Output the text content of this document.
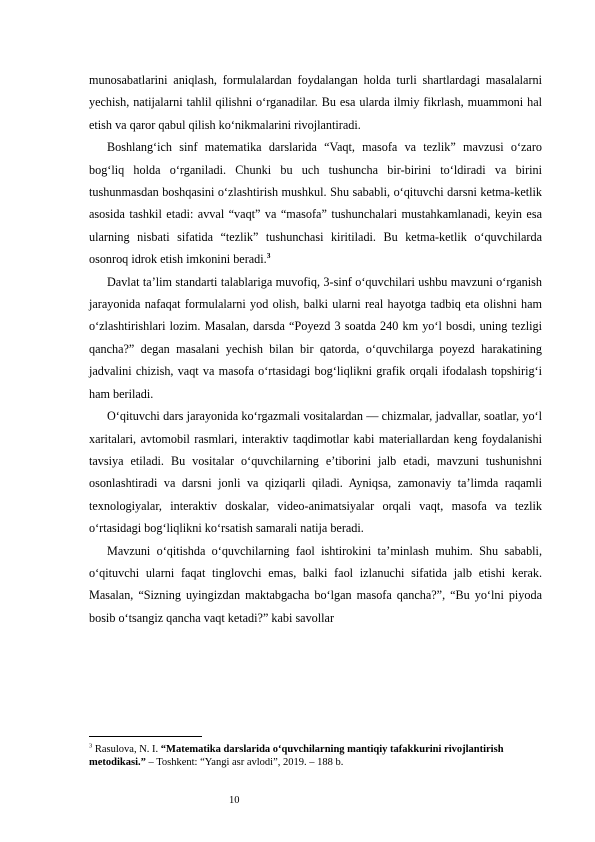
munosabatlarini aniqlash, formulalardan foydalangan holda turli shartlardagi masalalarni yechish, natijalarni tahlil qilishni o‘rganadilar. Bu esa ularda ilmiy fikrlash, muammoni hal etish va qaror qabul qilish ko‘nikmalarini rivojlantiradi.

Boshlang‘ich sinf matematika darslarida “Vaqt, masofa va tezlik” mavzusi o‘zaro bog‘liq holda o‘rganiladi. Chunki bu uch tushuncha bir-birini to‘ldiradi va birini tushunmasdan boshqasini o‘zlashtirish mushkul. Shu sababli, o‘qituvchi darsni ketma-ketlik asosida tashkil etadi: avval “vaqt” va “masofa” tushunchalari mustahkamlanadi, keyin esa ularning nisbati sifatida “tezlik” tushunchasi kiritiladi. Bu ketma-ketlik o‘quvchilarda osonroq idrok etish imkonini beradi.$^3$

Davlat ta’lim standarti talablariga muvofiq, 3-sinf o‘quvchilari ushbu mavzuni o‘rganish jarayonida nafaqat formulalarni yod olish, balki ularni real hayotga tadbiq eta olishni ham o‘zlashtirishlari lozim. Masalan, darsda “Poyezd 3 soatda 240 km yo‘l bosdi, uning tezligi qancha?” degan masalani yechish bilan bir qatorda, o‘quvchilarga poyezd harakatining jadvalini chizish, vaqt va masofa o‘rtasidagi bog‘liqlikni grafik orqali ifodalash topshirig‘i ham beriladi.

O‘qituvchi dars jarayonida ko‘rgazmali vositalardan — chizmalar, jadvallar, soatlar, yo‘l xaritalari, avtomobil rasmlari, interaktiv taqdimotlar kabi materiallardan keng foydalanishi tavsiya etiladi. Bu vositalar o‘quvchilarning e’tiborini jalb etadi, mavzuni tushunishni osonlashtiradi va darsni jonli va qiziqarli qiladi. Ayniqsa, zamonaviy ta’limda raqamli texnologiyalar, interaktiv doskalar, video-animatsiyalar orqali vaqt, masofa va tezlik o‘rtasidagi bog‘liqlikni ko‘rsatish samarali natija beradi.

Mavzuni o‘qitishda o‘quvchilarning faol ishtirokini ta’minlash muhim. Shu sababli, o‘qituvchi ularni faqat tinglovchi emas, balki faol izlanuchi sifatida jalb etishi kerak. Masalan, “Sizning uyingizdan maktabgacha bo‘lgan masofa qancha?”, “Bu yo‘lni piyoda bosib o‘tsangiz qancha vaqt ketadi?” kabi savollar

$^3$ Rasulova, N. I. “Matematika darslarida o‘quvchilarning mantiqiy tafakkurini rivojlantirish metodikasi.” – Toshkent: “Yangi asr avlodi”, 2019. – 188 b.
10
